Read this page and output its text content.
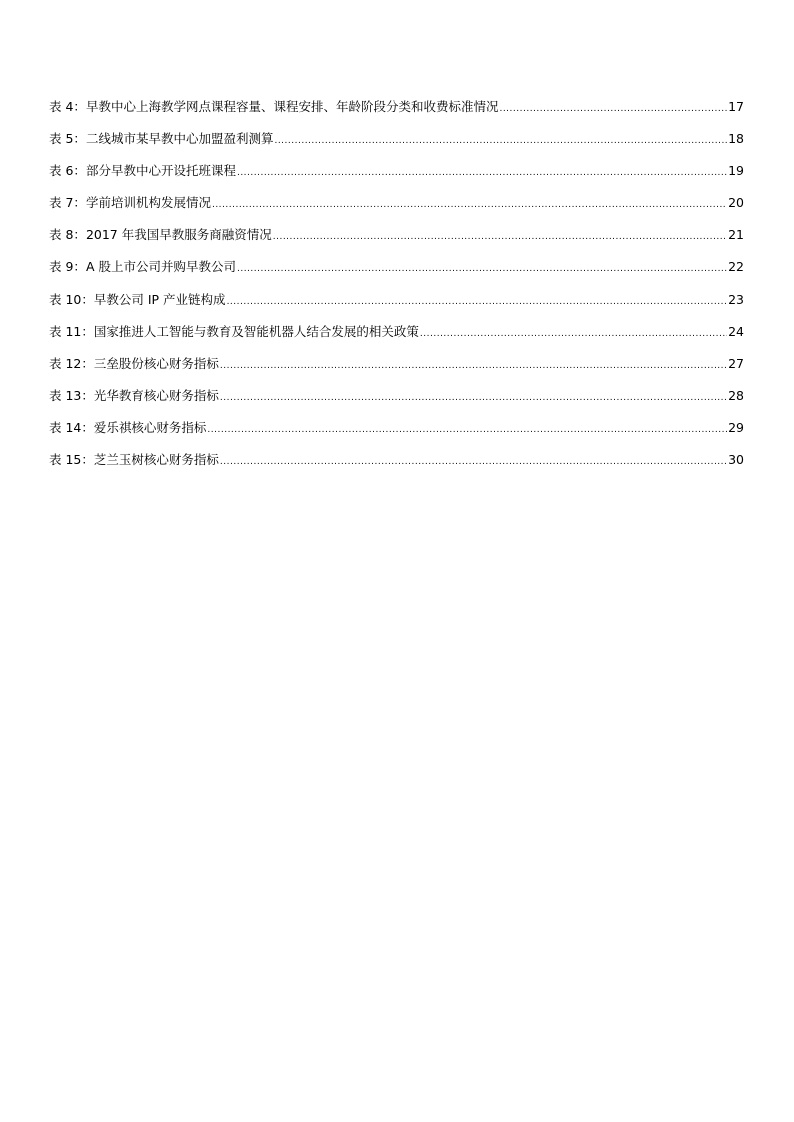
表 4： 早教中心上海教学网点课程容量、课程安排、年龄阶段分类和收费标准情况 .....	17
表 5： 二线城市某早教中心加盟盈利测算 .....	18
表 6： 部分早教中心开设托班课程 .....	19
表 7： 学前培训机构发展情况 .....	20
表 8： 2017 年我国早教服务商融资情况 .....	21
表 9： A 股上市公司并购早教公司 .....	22
表 10： 早教公司 IP 产业链构成 .....	23
表 11： 国家推进人工智能与教育及智能机器人结合发展的相关政策 .....	24
表 12： 三垒股份核心财务指标 .....	27
表 13： 光华教育核心财务指标 .....	28
表 14： 爱乐祺核心财务指标 .....	29
表 15： 芝兰玉树核心财务指标 .....	30
